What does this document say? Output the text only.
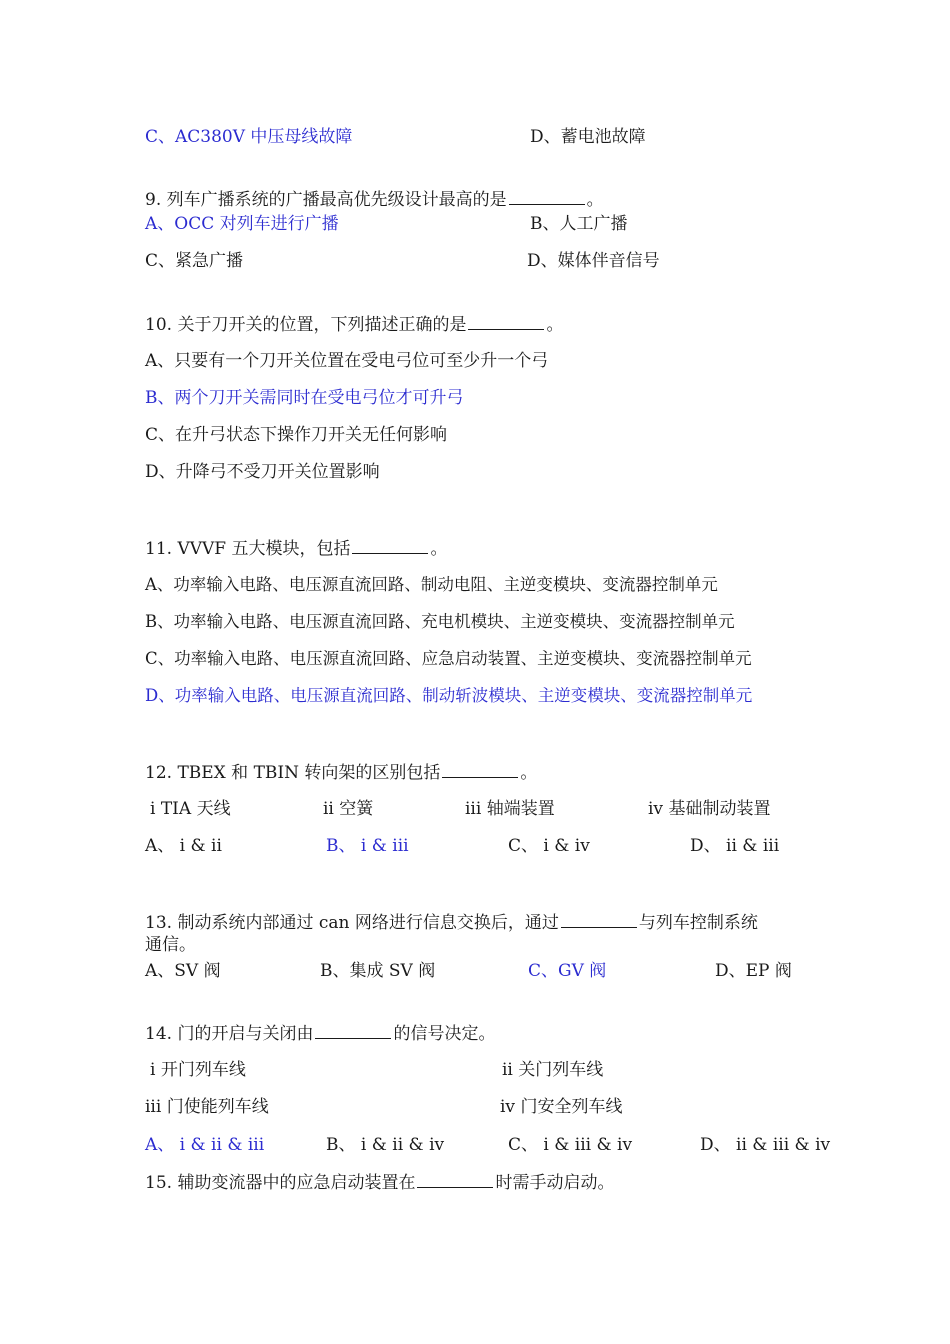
C、AC380V 中压母线故障	D、蓄电池故障
9. 列车广播系统的广播最高优先级设计最高的是	。
A、OCC 对列车进行广播	B、人工广播
C、紧急广播	D、媒体伴音信号
10. 关于刀开关的位置，下列描述正确的是	。
A、只要有一个刀开关位置在受电弓位可至少升一个弓
B、两个刀开关需同时在受电弓位才可升弓
C、在升弓状态下操作刀开关无任何影响
D、升降弓不受刀开关位置影响
11. VVVF 五大模块，包括	。
A、功率输入电路、电压源直流回路、制动电阻、主逆变模块、变流器控制单元
B、功率输入电路、电压源直流回路、充电机模块、主逆变模块、变流器控制单元
C、功率输入电路、电压源直流回路、应急启动装置、主逆变模块、变流器控制单元
D、功率输入电路、电压源直流回路、制动斩波模块、主逆变模块、变流器控制单元
12. TBEX 和 TBIN 转向架的区别包括	。
i TIA 天线	ii 空簧	iii 轴端装置	iv 基础制动装置
A、 i & ii	B、 i & iii	C、 i & iv	D、 ii & iii
13. 制动系统内部通过 can 网络进行信息交换后，通过	与列车控制系统
通信。
A、SV 阀	B、集成 SV 阀	C、GV 阀	D、EP 阀
14. 门的开启与关闭由	的信号决定。
i 开门列车线	ii 关门列车线
iii 门使能列车线	iv 门安全列车线
A、 i & ii & iii	B、 i & ii & iv	C、 i & iii & iv	D、 ii & iii & iv
15. 辅助变流器中的应急启动装置在	时需手动启动。
